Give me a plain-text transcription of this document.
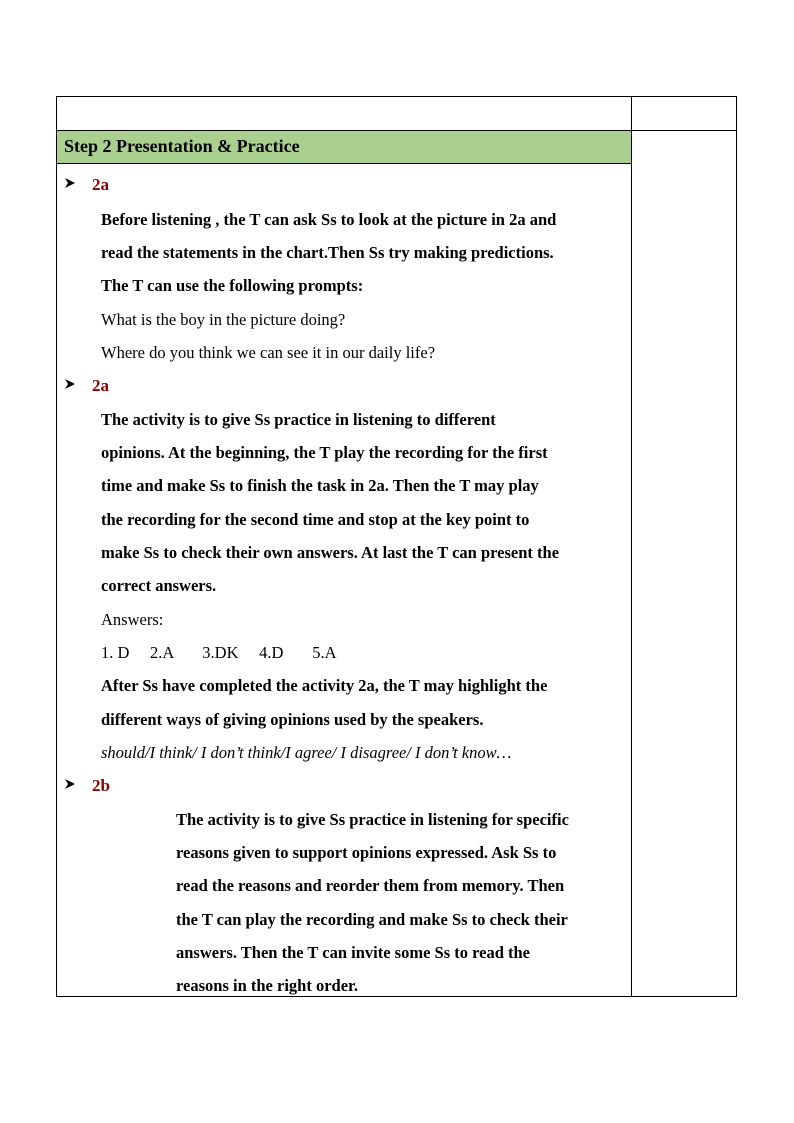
Step 2 Presentation & Practice
2a
Before listening , the T can ask Ss to look at the picture in 2a and
read the statements in the chart.Then Ss try making predictions.
The T can use the following prompts:
What is the boy in the picture doing?
Where do you think we can see it in our daily life?
2a
The activity is to give Ss practice in listening to different
opinions. At the beginning, the T play the recording for the first
time and make Ss to finish the task in 2a. Then the T may play
the recording for the second time and stop at the key point to
make Ss to check their own answers. At last the T can present the
correct answers.
Answers:
1. D     2.A       3.DK     4.D       5.A
After Ss have completed the activity 2a, the T may highlight the
different ways of giving opinions used by the speakers.
should/I think/ I don’t think/I agree/ I disagree/ I don’t know…
2b
The activity is to give Ss practice in listening for specific
reasons given to support opinions expressed. Ask Ss to
read the reasons and reorder them from memory. Then
the T can play the recording and make Ss to check their
answers. Then the T can invite some Ss to read the
reasons in the right order.
